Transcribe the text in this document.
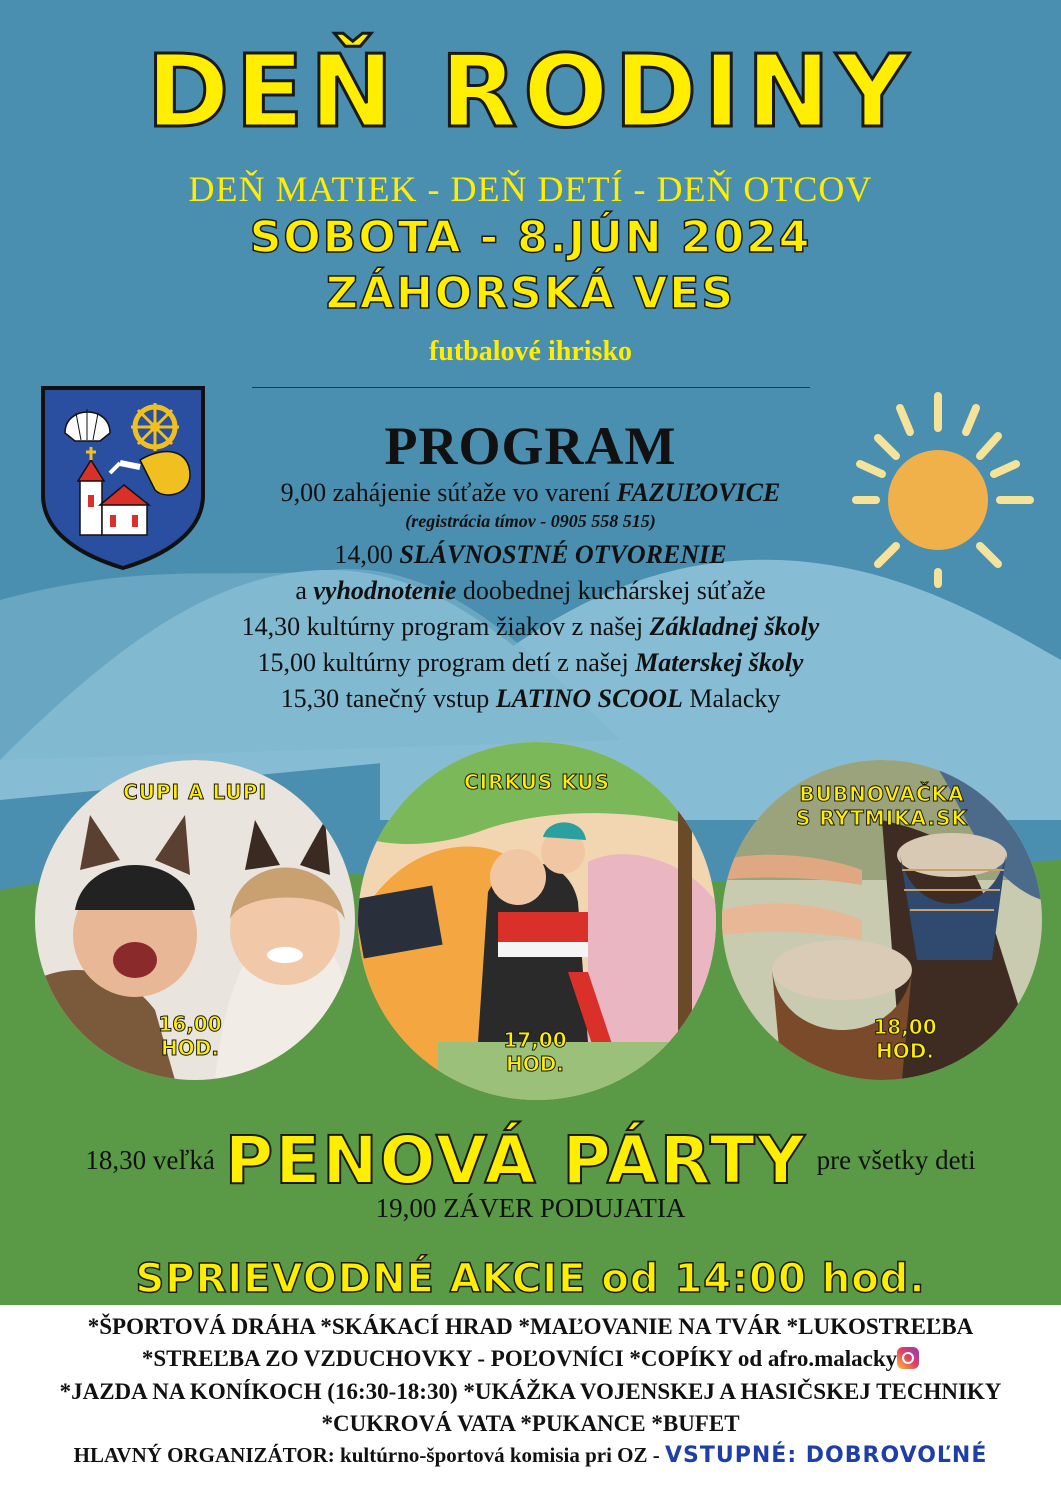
DEŇ RODINY
DEŇ MATIEK - DEŇ DETÍ - DEŇ OTCOV
SOBOTA - 8.JÚN 2024
ZÁHORSKÁ VES
futbalové ihrisko
PROGRAM
9,00 zahájenie súťaže vo varení FAZUĽOVICE
(registrácia tímov - 0905 558 515)
14,00 SLÁVNOSTNÉ OTVORENIE
a vyhodnotenie doobednej kuchárskej súťaže
14,30 kultúrny program žiakov z našej Základnej školy
15,00 kultúrny program detí z našej Materskej školy
15,30 tanečný vstup LATINO SCOOL Malacky
CUPI A LUPI
16,00
HOD.
CIRKUS KUS
17,00
HOD.
BUBNOVAČKA
S RYTMIKA.SK
18,00
HOD.
18,30 veľká PENOVÁ PÁRTY pre všetky deti
19,00 ZÁVER PODUJATIA
SPRIEVODNÉ AKCIE od 14:00 hod.
*ŠPORTOVÁ DRÁHA *SKÁKACÍ HRAD *MAĽOVANIE NA TVÁR *LUKOSTREĽBA
*STREĽBA ZO VZDUCHOVKY - POĽOVNÍCI *COPÍKY od afro.malacky
*JAZDA NA KONÍKOCH (16:30-18:30) *UKÁŽKA VOJENSKEJ A HASIČSKEJ TECHNIKY
*CUKROVÁ VATA *PUKANCE *BUFET
HLAVNÝ ORGANIZÁTOR: kultúrno-športová komisia pri OZ - VSTUPNÉ: DOBROVOĽNÉ
